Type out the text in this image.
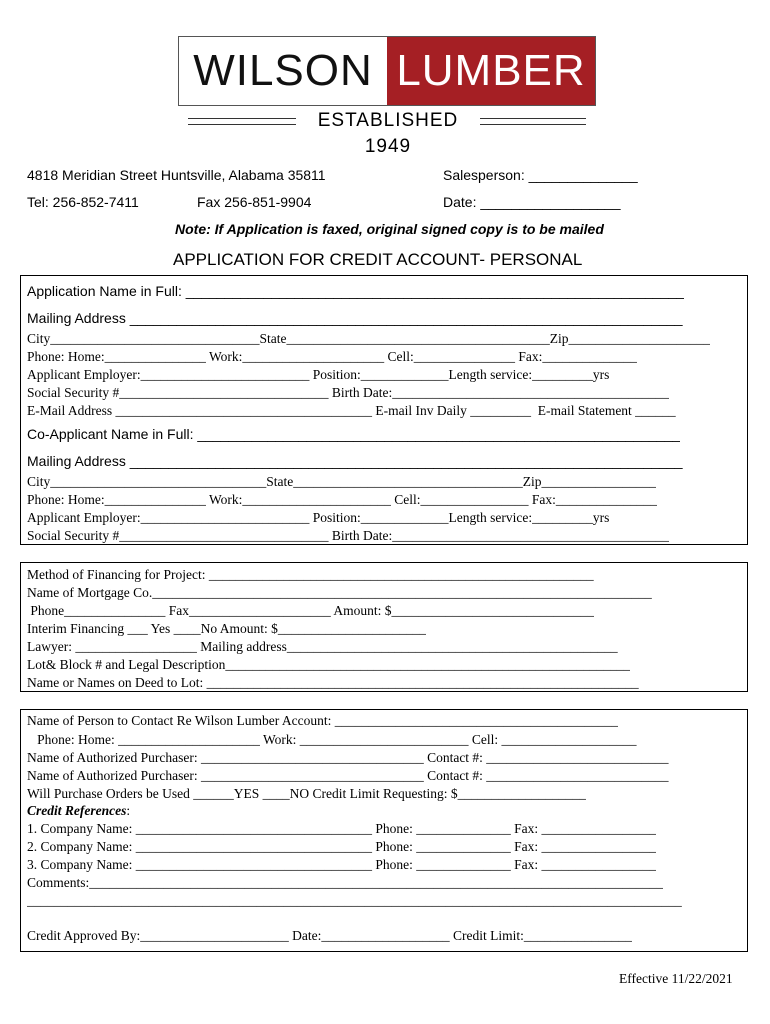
WILSON LUMBER
ESTABLISHED 1949
4818 Meridian Street Huntsville, Alabama 35811	Salesperson: ______________
Tel: 256-852-7411	Fax 256-851-9904	Date: __________________
Note: If Application is faxed, original signed copy is to be mailed
APPLICATION FOR CREDIT ACCOUNT- PERSONAL
Application Name in Full: ________________________________________________________________
Mailing Address _______________________________________________________________________
City_______________________________State_______________________________________Zip_____________________
Phone: Home:_______________ Work:_____________________ Cell:_______________ Fax:______________
Applicant Employer:_________________________ Position:_____________Length service:_________yrs
Social Security #_______________________________ Birth Date:_________________________________________
E-Mail Address ______________________________________ E-mail Inv Daily _________  E-mail Statement ______
Co-Applicant Name in Full: ______________________________________________________________
Mailing Address _______________________________________________________________________
City________________________________State__________________________________Zip_________________
Phone: Home:_______________ Work:______________________ Cell:________________ Fax:_______________
Applicant Employer:_________________________ Position:_____________Length service:_________yrs
Social Security #_______________________________ Birth Date:_________________________________________
Method of Financing for Project: _________________________________________________________
Name of Mortgage Co.__________________________________________________________________________
Phone_______________ Fax_____________________ Amount: $______________________________
Interim Financing ___ Yes ____No Amount: $______________________
Lawyer: __________________ Mailing address_________________________________________________
Lot& Block # and Legal Description____________________________________________________________
Name or Names on Deed to Lot: ________________________________________________________________
Name of Person to Contact Re Wilson Lumber Account: __________________________________________
Phone: Home: _____________________ Work: _________________________ Cell: ____________________
Name of Authorized Purchaser: _________________________________ Contact #: ___________________________
Name of Authorized Purchaser: _________________________________ Contact #: ___________________________
Will Purchase Orders be Used ______YES ____NO Credit Limit Requesting: $___________________
Credit References:
1. Company Name: ___________________________________ Phone: ______________ Fax: _________________
2. Company Name: ___________________________________ Phone: ______________ Fax: _________________
3. Company Name: ___________________________________ Phone: ______________ Fax: _________________
Comments:_____________________________________________________________________________________
_________________________________________________________________________________________________
Credit Approved By:______________________ Date:___________________ Credit Limit:________________
Effective 11/22/2021
